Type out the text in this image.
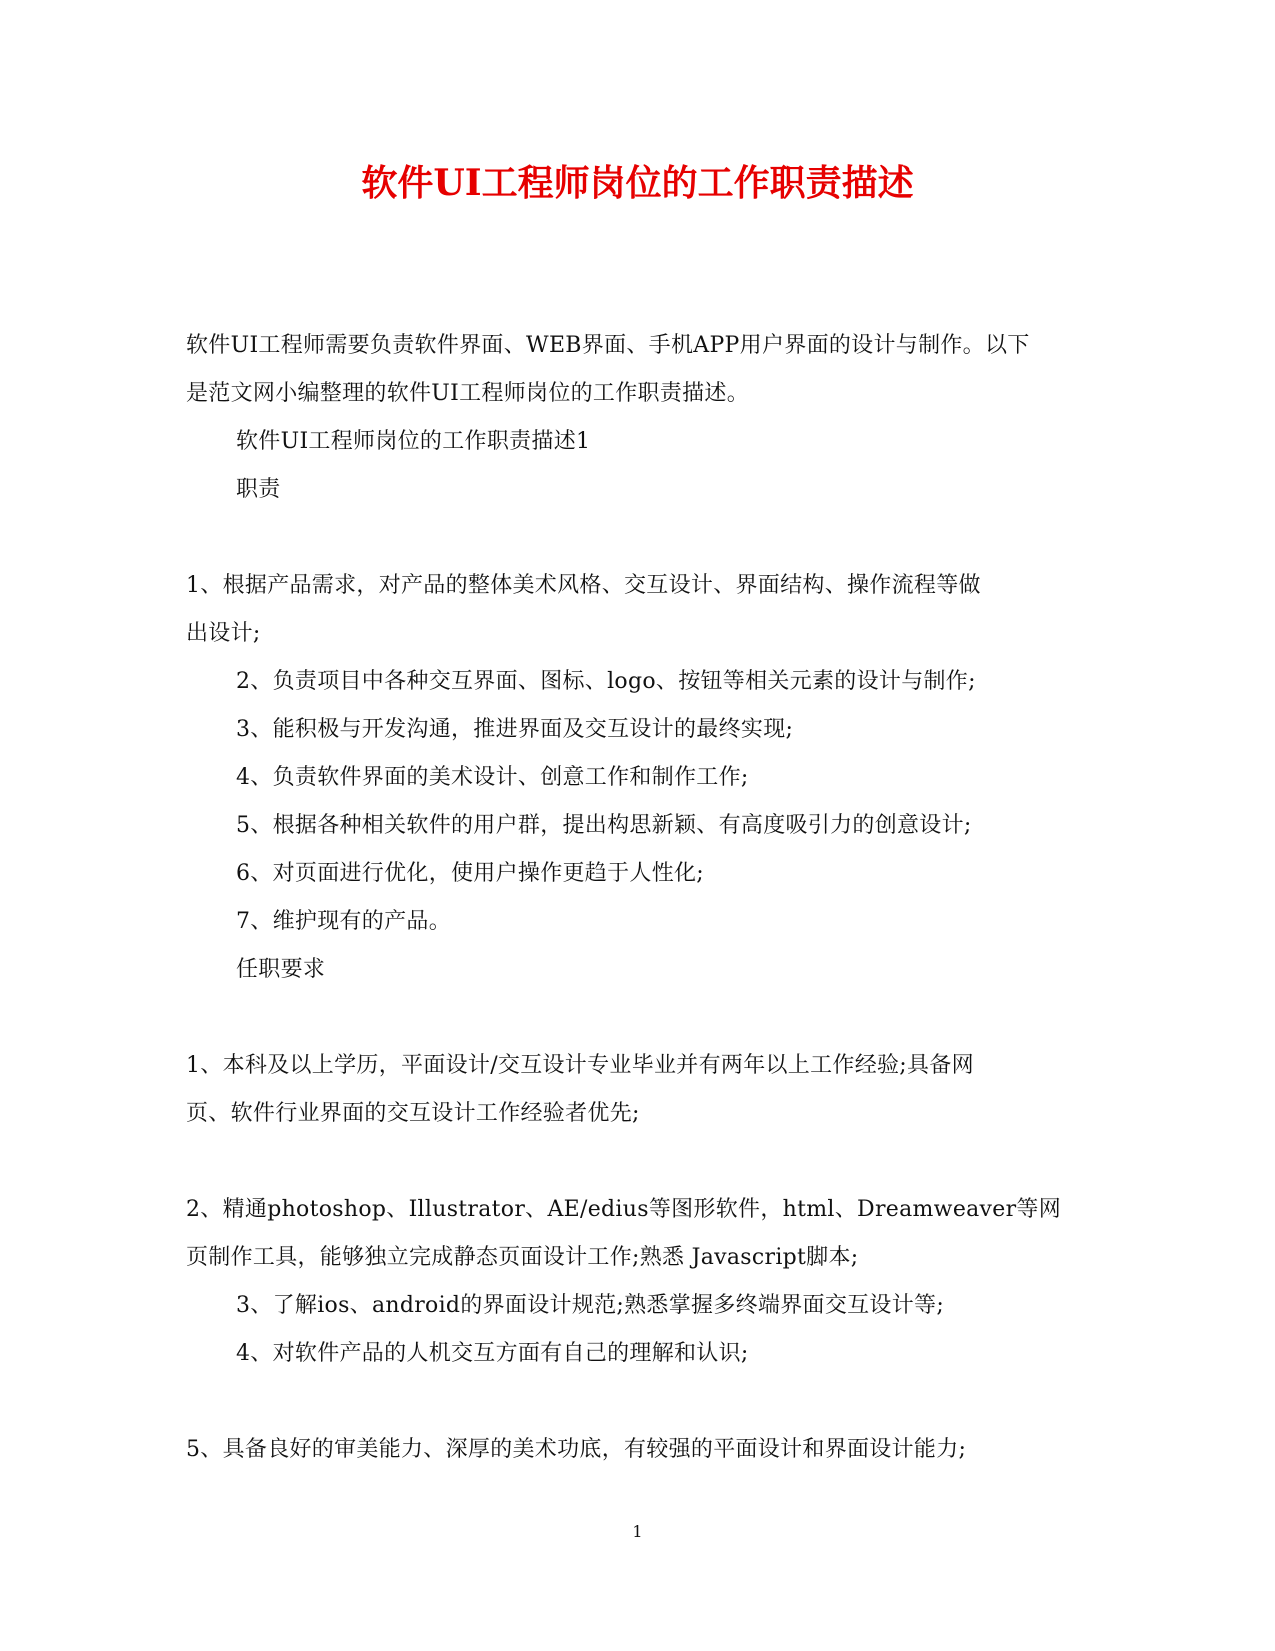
软件UI工程师岗位的工作职责描述

软件UI工程师需要负责软件界面、WEB界面、手机APP用户界面的设计与制作。以下

是范文网小编整理的软件UI工程师岗位的工作职责描述。

软件UI工程师岗位的工作职责描述1

职责

1、根据产品需求，对产品的整体美术风格、交互设计、界面结构、操作流程等做

出设计;

2、负责项目中各种交互界面、图标、logo、按钮等相关元素的设计与制作;

3、能积极与开发沟通，推进界面及交互设计的最终实现;

4、负责软件界面的美术设计、创意工作和制作工作;

5、根据各种相关软件的用户群，提出构思新颖、有高度吸引力的创意设计;

6、对页面进行优化，使用户操作更趋于人性化;

7、维护现有的产品。

任职要求

1、本科及以上学历，平面设计/交互设计专业毕业并有两年以上工作经验;具备网

页、软件行业界面的交互设计工作经验者优先;

2、精通photoshop、Illustrator、AE/edius等图形软件，html、Dreamweaver等网

页制作工具，能够独立完成静态页面设计工作;熟悉 Javascript脚本;

3、了解ios、android的界面设计规范;熟悉掌握多终端界面交互设计等;

4、对软件产品的人机交互方面有自己的理解和认识;

5、具备良好的审美能力、深厚的美术功底，有较强的平面设计和界面设计能力;

1
